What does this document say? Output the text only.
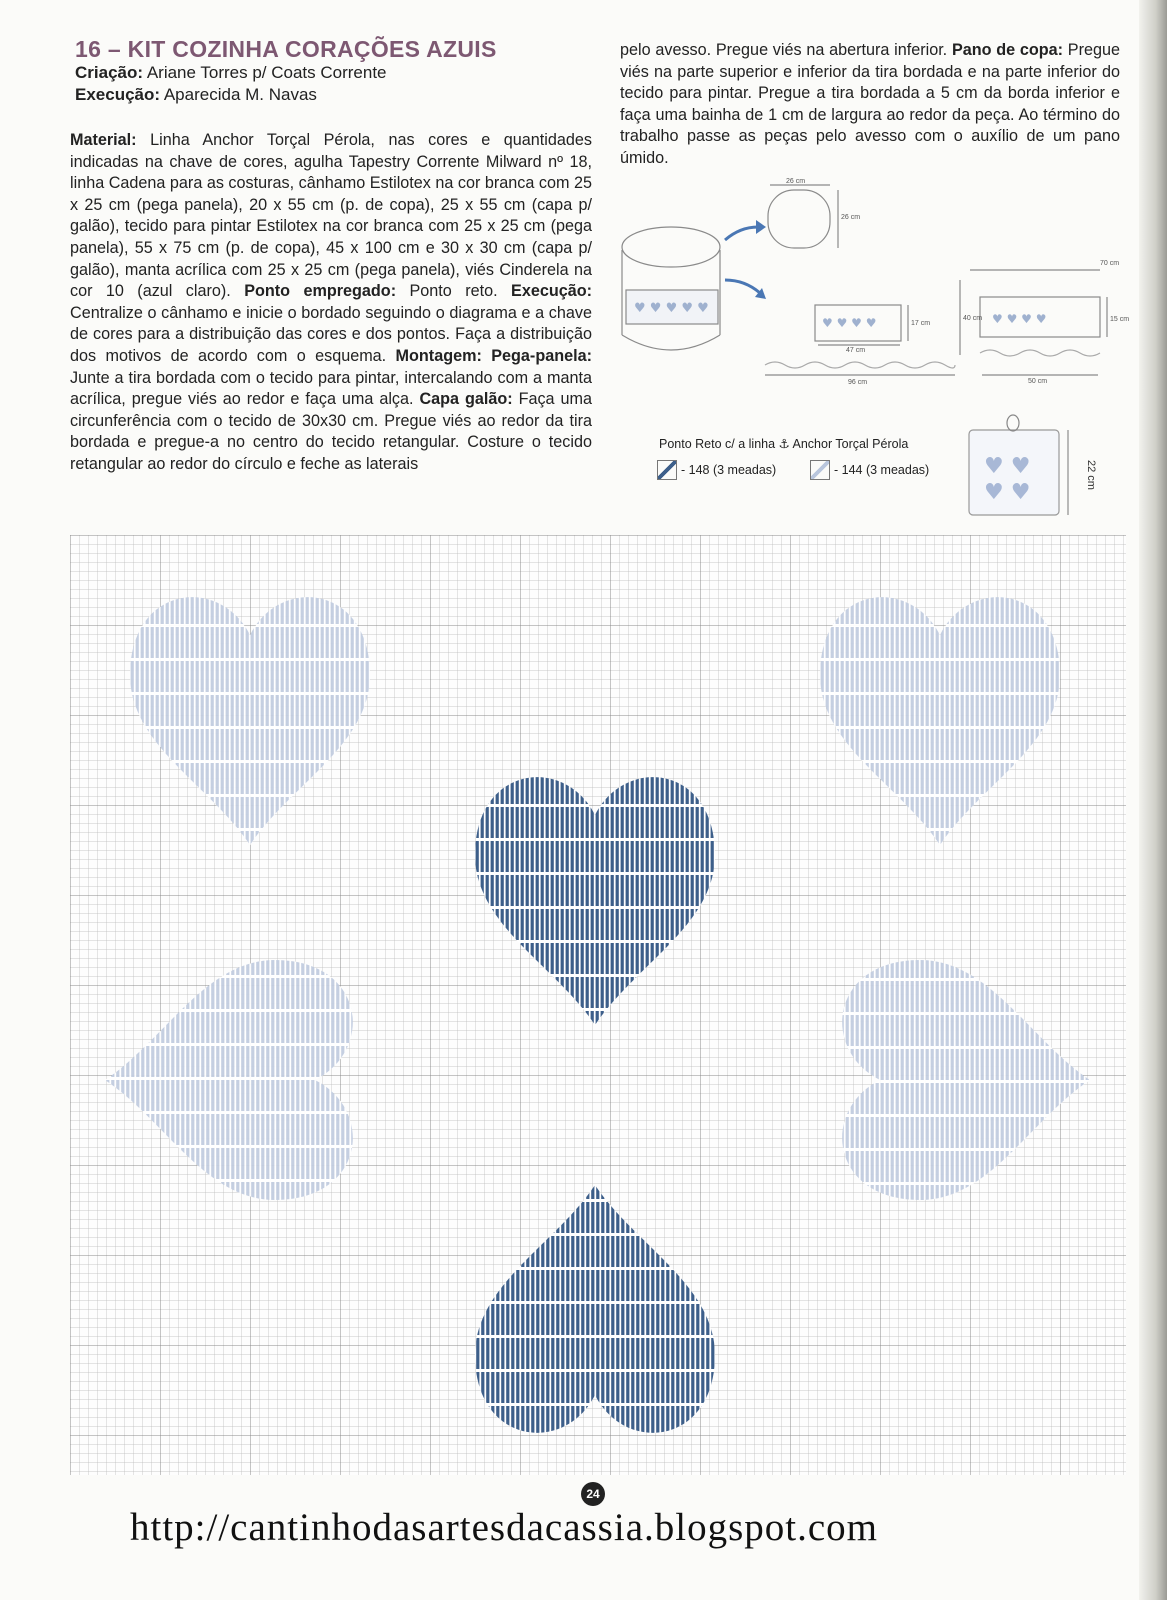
16 – KIT COZINHA CORAÇÕES AZUIS
Criação: Ariane Torres p/ Coats Corrente
Execução: Aparecida M. Navas

Material: Linha Anchor Torçal Pérola, nas cores e quantidades indicadas na chave de cores, agulha Tapestry Corrente Milward nº 18, linha Cadena para as costuras, cânhamo Estilotex na cor branca com 25 x 25 cm (pega panela), 20 x 55 cm (p. de copa), 25 x 55 cm (capa p/ galão), tecido para pintar Estilotex na cor branca com 25 x 25 cm (pega panela), 55 x 75 cm (p. de copa), 45 x 100 cm e 30 x 30 cm (capa p/ galão), manta acrílica com 25 x 25 cm (pega panela), viés Cinderela na cor 10 (azul claro). Ponto empregado: Ponto reto. Execução: Centralize o cânhamo e inicie o bordado seguindo o diagrama e a chave de cores para a distribuição das cores e dos pontos. Faça a distribuição dos motivos de acordo com o esquema. Montagem: Pega-panela: Junte a tira bordada com o tecido para pintar, intercalando com a manta acrílica, pregue viés ao redor e faça uma alça. Capa galão: Faça uma circunferência com o tecido de 30x30 cm. Pregue viés ao redor da tira bordada e pregue-a no centro do tecido retangular. Costure o tecido retangular ao redor do círculo e feche as laterais

pelo avesso. Pregue viés na abertura inferior. Pano de copa: Pregue viés na parte superior e inferior da tira bordada e na parte inferior do tecido para pintar. Pregue a tira bordada a 5 cm da borda inferior e faça uma bainha de 1 cm de largura ao redor da peça. Ao término do trabalho passe as peças pelo avesso com o auxílio de um pano úmido.

♥ ♥ ♥ ♥ ♥
♥ ♥ ♥ ♥	♥ ♥ ♥ ♥
26 cm
26 cm
17 cm
47 cm
96 cm
40 cm	15 cm
50 cm
70 cm
♥ ♥
♥ ♥
22 cm
Ponto Reto c/ a linha ⚓ Anchor Torçal Pérola
- 148 (3 meadas)	- 144 (3 meadas)
24
http://cantinhodasartesdacassia.blogspot.com
